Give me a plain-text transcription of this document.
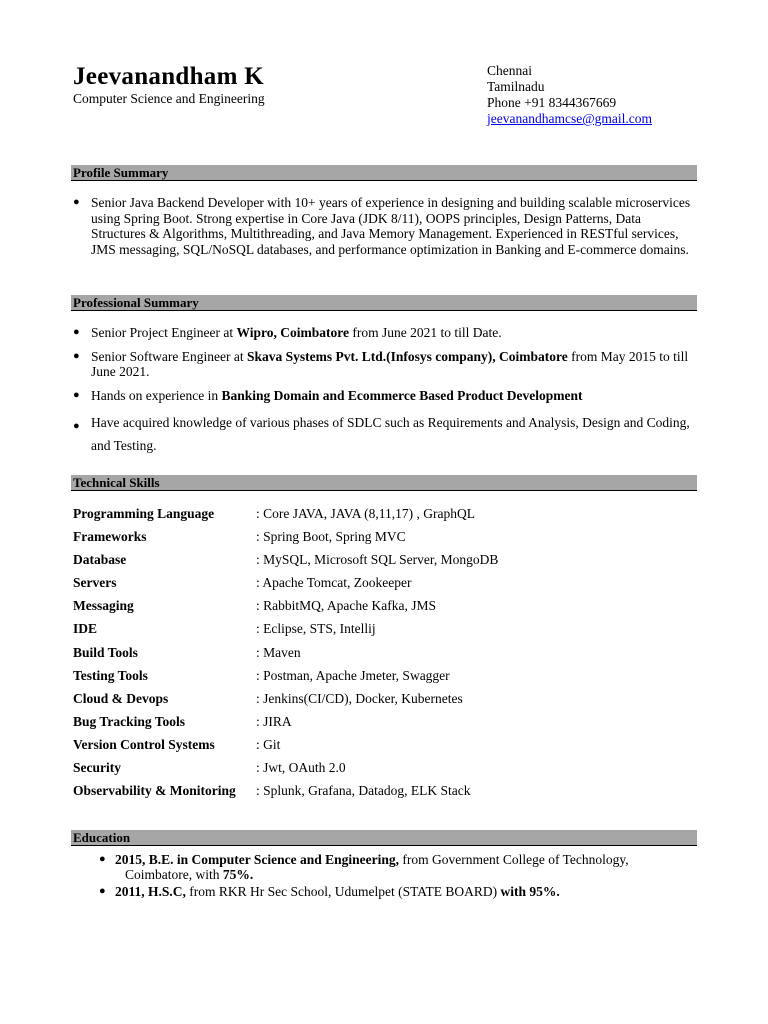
Jeevanandham K
Computer Science and Engineering
Chennai
Tamilnadu
Phone +91 8344367669
jeevanandhamcse@gmail.com
Profile Summary
● Senior Java Backend Developer with 10+ years of experience in designing and building scalable microservices using Spring Boot. Strong expertise in Core Java (JDK 8/11), OOPS principles, Design Patterns, Data Structures & Algorithms, Multithreading, and Java Memory Management. Experienced in RESTful services, JMS messaging, SQL/NoSQL databases, and performance optimization in Banking and E-commerce domains.
Professional Summary
● Senior Project Engineer at Wipro, Coimbatore from June 2021 to till Date.
● Senior Software Engineer at Skava Systems Pvt. Ltd.(Infosys company), Coimbatore from May 2015 to till June 2021.
● Hands on experience in Banking Domain and Ecommerce Based Product Development
● Have acquired knowledge of various phases of SDLC such as Requirements and Analysis, Design and Coding, and Testing.
Technical Skills
Programming Language	: Core JAVA, JAVA (8,11,17) , GraphQL
Frameworks	: Spring Boot, Spring MVC
Database	: MySQL, Microsoft SQL Server, MongoDB
Servers	: Apache Tomcat, Zookeeper
Messaging	: RabbitMQ, Apache Kafka, JMS
IDE	: Eclipse, STS, Intellij
Build Tools	: Maven
Testing Tools	: Postman, Apache Jmeter, Swagger
Cloud & Devops	: Jenkins(CI/CD), Docker, Kubernetes
Bug Tracking Tools	: JIRA
Version Control Systems	: Git
Security	: Jwt, OAuth 2.0
Observability & Monitoring	: Splunk, Grafana, Datadog, ELK Stack
Education
● 2015, B.E. in Computer Science and Engineering, from Government College of Technology,
Coimbatore, with 75%.
● 2011, H.S.C, from RKR Hr Sec School, Udumelpet (STATE BOARD) with 95%.
